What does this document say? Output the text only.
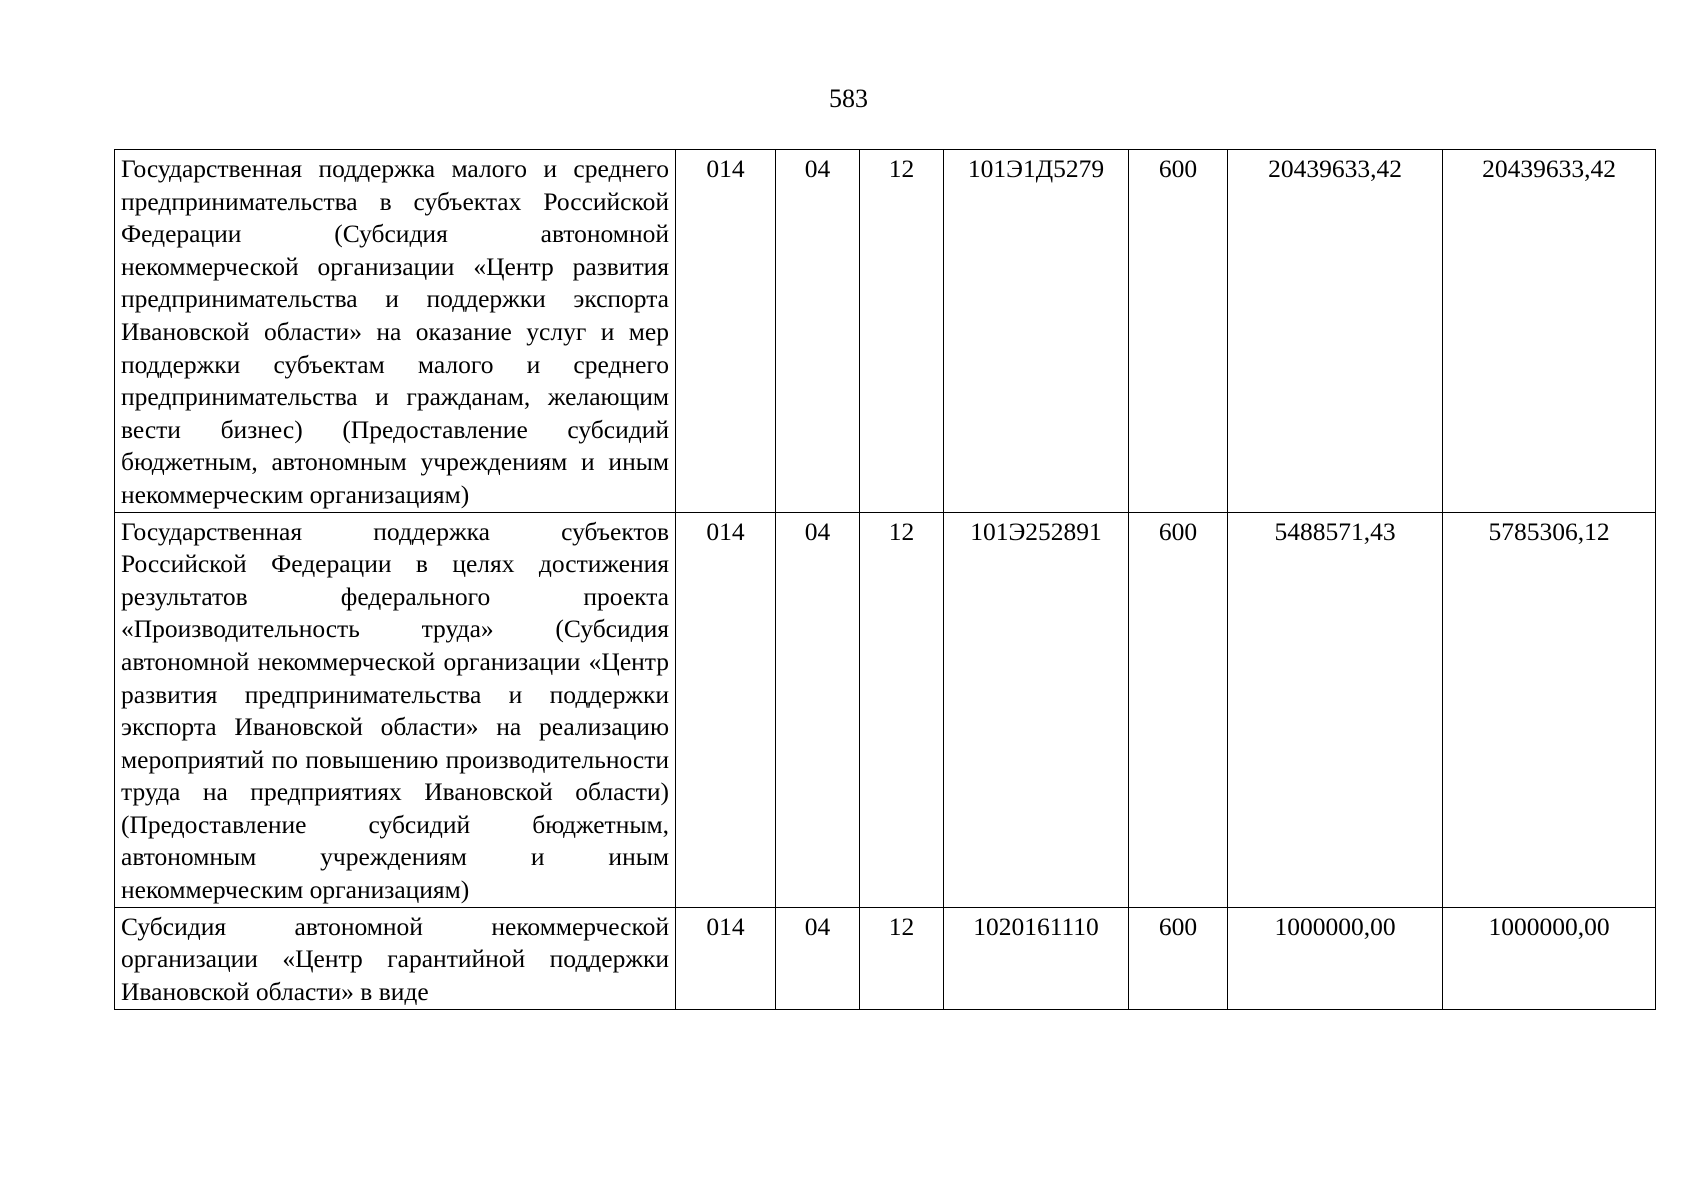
583
Государственная поддержка малого и среднего предпринимательства в субъектах Российской Федерации (Субсидия автономной некоммерческой организации «Центр развития предпринимательства и поддержки экспорта Ивановской области» на оказание услуг и мер поддержки субъектам малого и среднего предпринимательства и гражданам, желающим вести бизнес) (Предоставление субсидий бюджетным, автономным учреждениям и иным некоммерческим организациям)	014	04	12	101Э1Д5279	600	20439633,42	20439633,42
Государственная поддержка субъектов Российской Федерации в целях достижения результатов федерального проекта «Производительность труда» (Субсидия автономной некоммерческой организации «Центр развития предпринимательства и поддержки экспорта Ивановской области» на реализацию мероприятий по повышению производительности труда на предприятиях Ивановской области) (Предоставление субсидий бюджетным, автономным учреждениям и иным некоммерческим организациям)	014	04	12	101Э252891	600	5488571,43	5785306,12
Субсидия автономной некоммерческой организации «Центр гарантийной поддержки Ивановской области» в виде	014	04	12	1020161110	600	1000000,00	1000000,00
